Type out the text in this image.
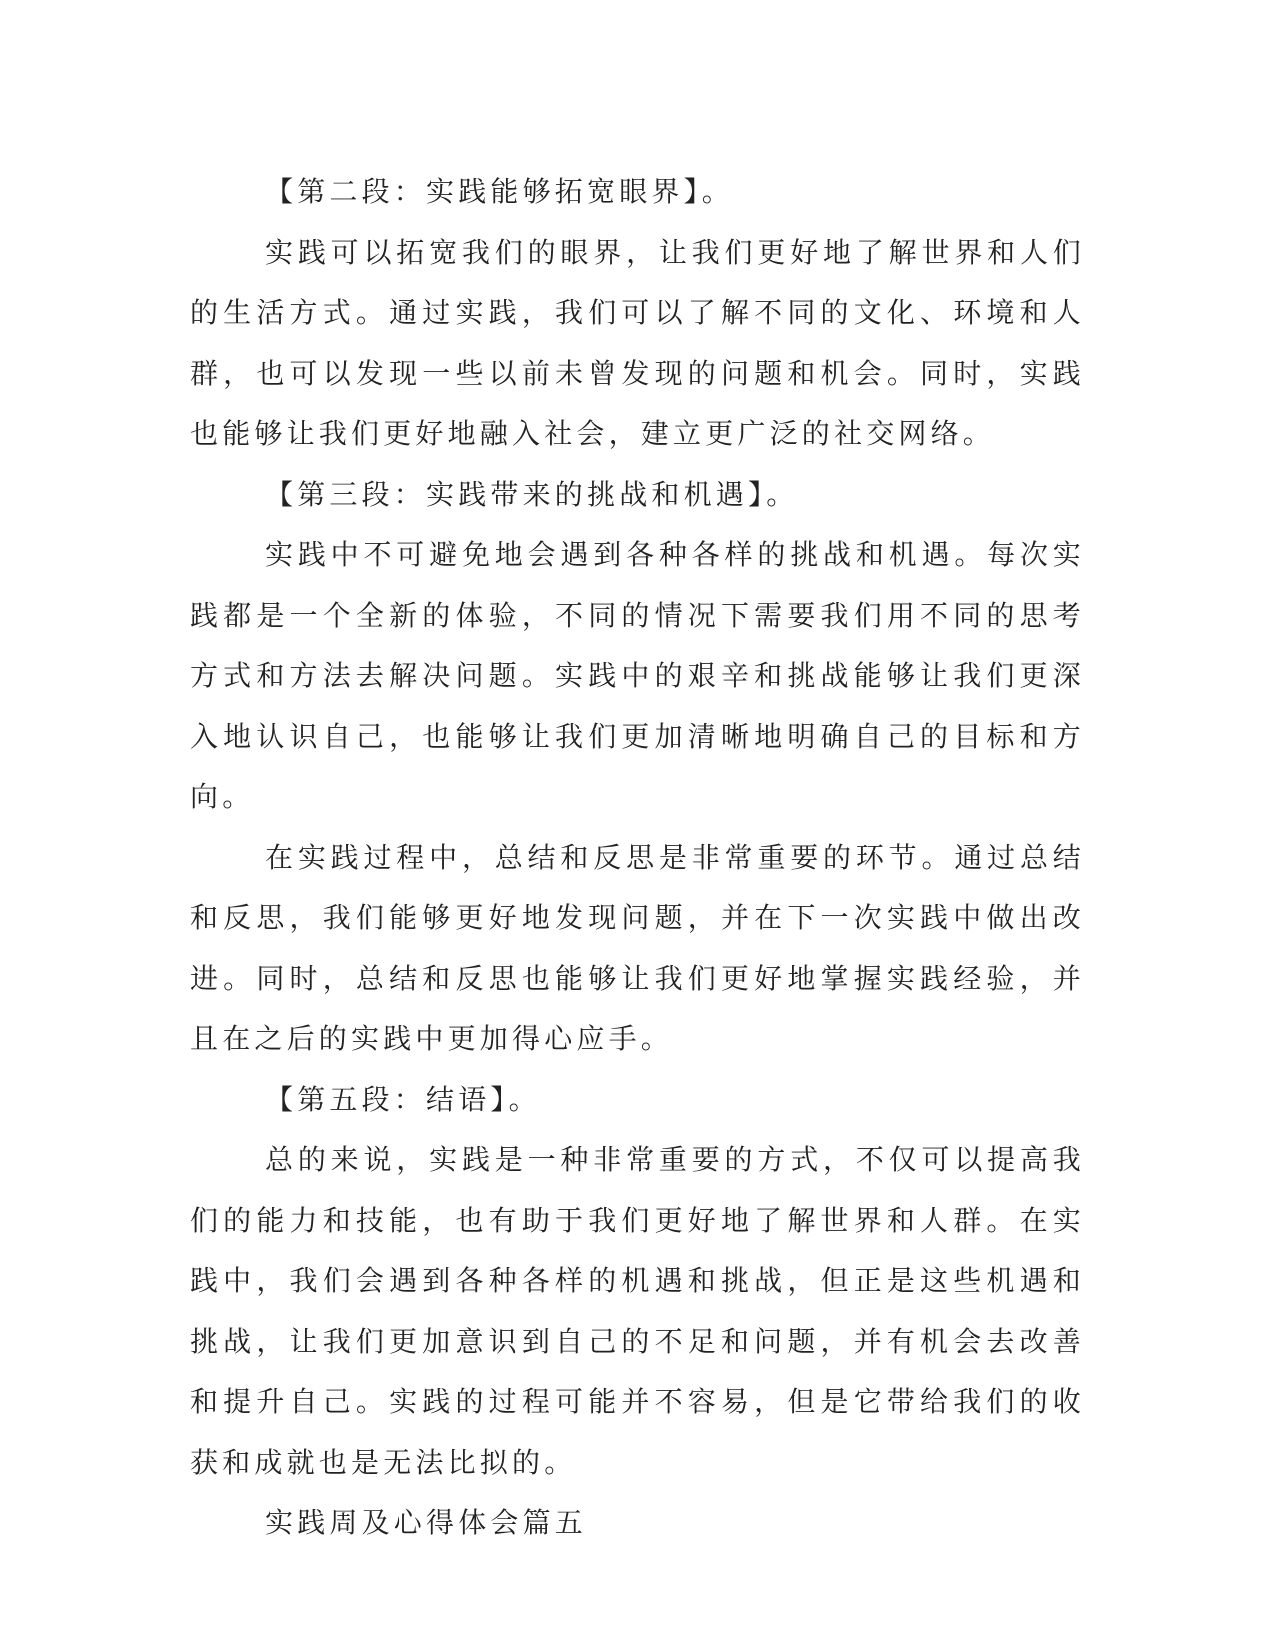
【第二段：实践能够拓宽眼界】。

实践可以拓宽我们的眼界，让我们更好地了解世界和人们的生活方式。通过实践，我们可以了解不同的文化、环境和人群，也可以发现一些以前未曾发现的问题和机会。同时，实践也能够让我们更好地融入社会，建立更广泛的社交网络。

【第三段：实践带来的挑战和机遇】。

实践中不可避免地会遇到各种各样的挑战和机遇。每次实践都是一个全新的体验，不同的情况下需要我们用不同的思考方式和方法去解决问题。实践中的艰辛和挑战能够让我们更深入地认识自己，也能够让我们更加清晰地明确自己的目标和方向。

在实践过程中，总结和反思是非常重要的环节。通过总结和反思，我们能够更好地发现问题，并在下一次实践中做出改进。同时，总结和反思也能够让我们更好地掌握实践经验，并且在之后的实践中更加得心应手。

【第五段：结语】。

总的来说，实践是一种非常重要的方式，不仅可以提高我们的能力和技能，也有助于我们更好地了解世界和人群。在实践中，我们会遇到各种各样的机遇和挑战，但正是这些机遇和挑战，让我们更加意识到自己的不足和问题，并有机会去改善和提升自己。实践的过程可能并不容易，但是它带给我们的收获和成就也是无法比拟的。

实践周及心得体会篇五
